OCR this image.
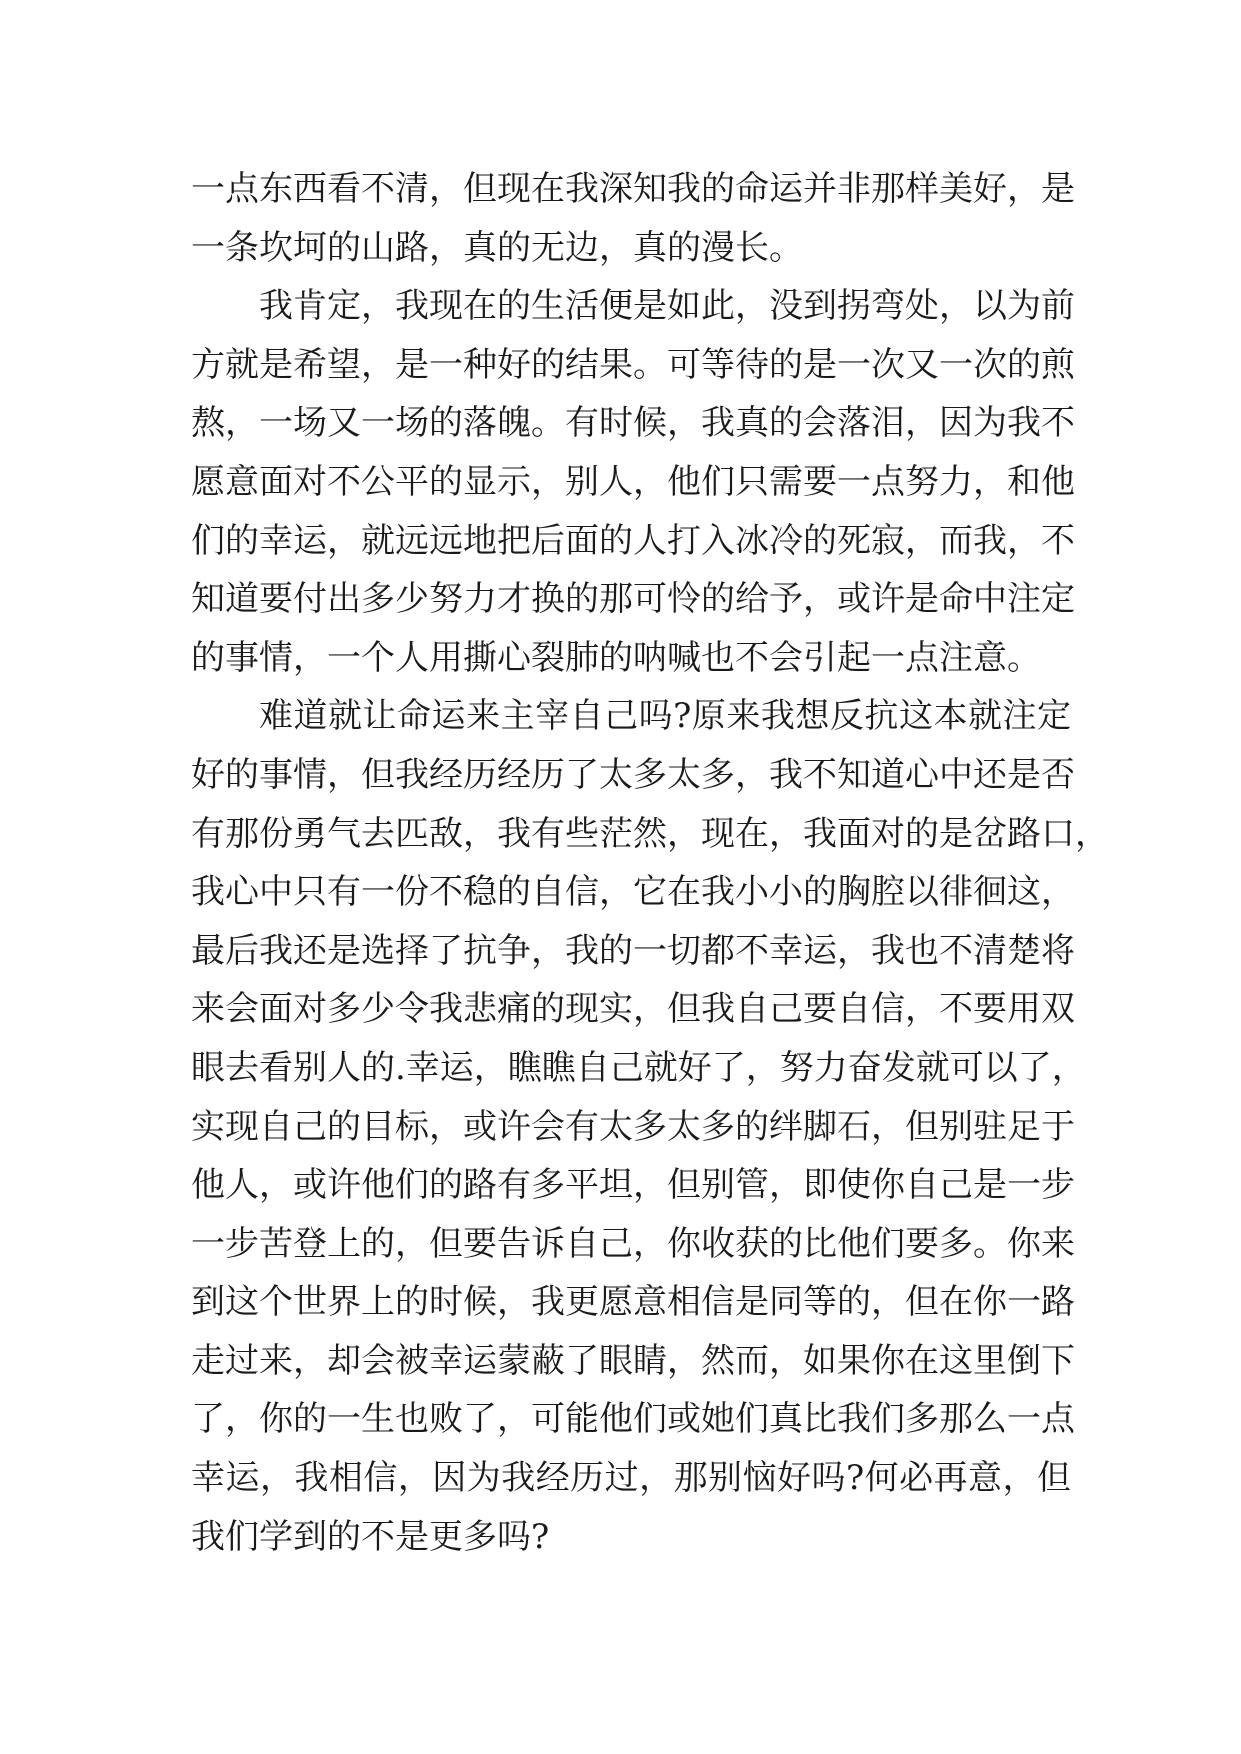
一点东西看不清，但现在我深知我的命运并非那样美好，是
一条坎坷的山路，真的无边，真的漫长。
我肯定，我现在的生活便是如此，没到拐弯处，以为前
方就是希望，是一种好的结果。可等待的是一次又一次的煎
熬，一场又一场的落魄。有时候，我真的会落泪，因为我不
愿意面对不公平的显示，别人，他们只需要一点努力，和他
们的幸运，就远远地把后面的人打入冰冷的死寂，而我，不
知道要付出多少努力才换的那可怜的给予，或许是命中注定
的事情，一个人用撕心裂肺的呐喊也不会引起一点注意。
难道就让命运来主宰自己吗?原来我想反抗这本就注定
好的事情，但我经历经历了太多太多，我不知道心中还是否
有那份勇气去匹敌，我有些茫然，现在，我面对的是岔路口，
我心中只有一份不稳的自信，它在我小小的胸腔以徘徊这，
最后我还是选择了抗争，我的一切都不幸运，我也不清楚将
来会面对多少令我悲痛的现实，但我自己要自信，不要用双
眼去看别人的.幸运，瞧瞧自己就好了，努力奋发就可以了，
实现自己的目标，或许会有太多太多的绊脚石，但别驻足于
他人，或许他们的路有多平坦，但别管，即使你自己是一步
一步苦登上的，但要告诉自己，你收获的比他们要多。你来
到这个世界上的时候，我更愿意相信是同等的，但在你一路
走过来，却会被幸运蒙蔽了眼睛，然而，如果你在这里倒下
了，你的一生也败了，可能他们或她们真比我们多那么一点
幸运，我相信，因为我经历过，那别恼好吗?何必再意，但
我们学到的不是更多吗?
